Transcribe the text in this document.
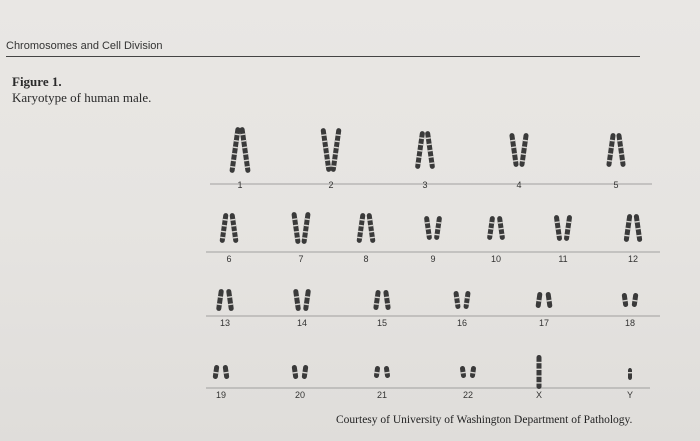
Chromosomes and Cell Division
Figure 1.
Karyotype of human male.
1	2	3	4	5
6	7	8	9	10	11	12
13	14	15	16	17	18
19	20	21	22	X	Y
Courtesy of University of Washington Department of Pathology.
